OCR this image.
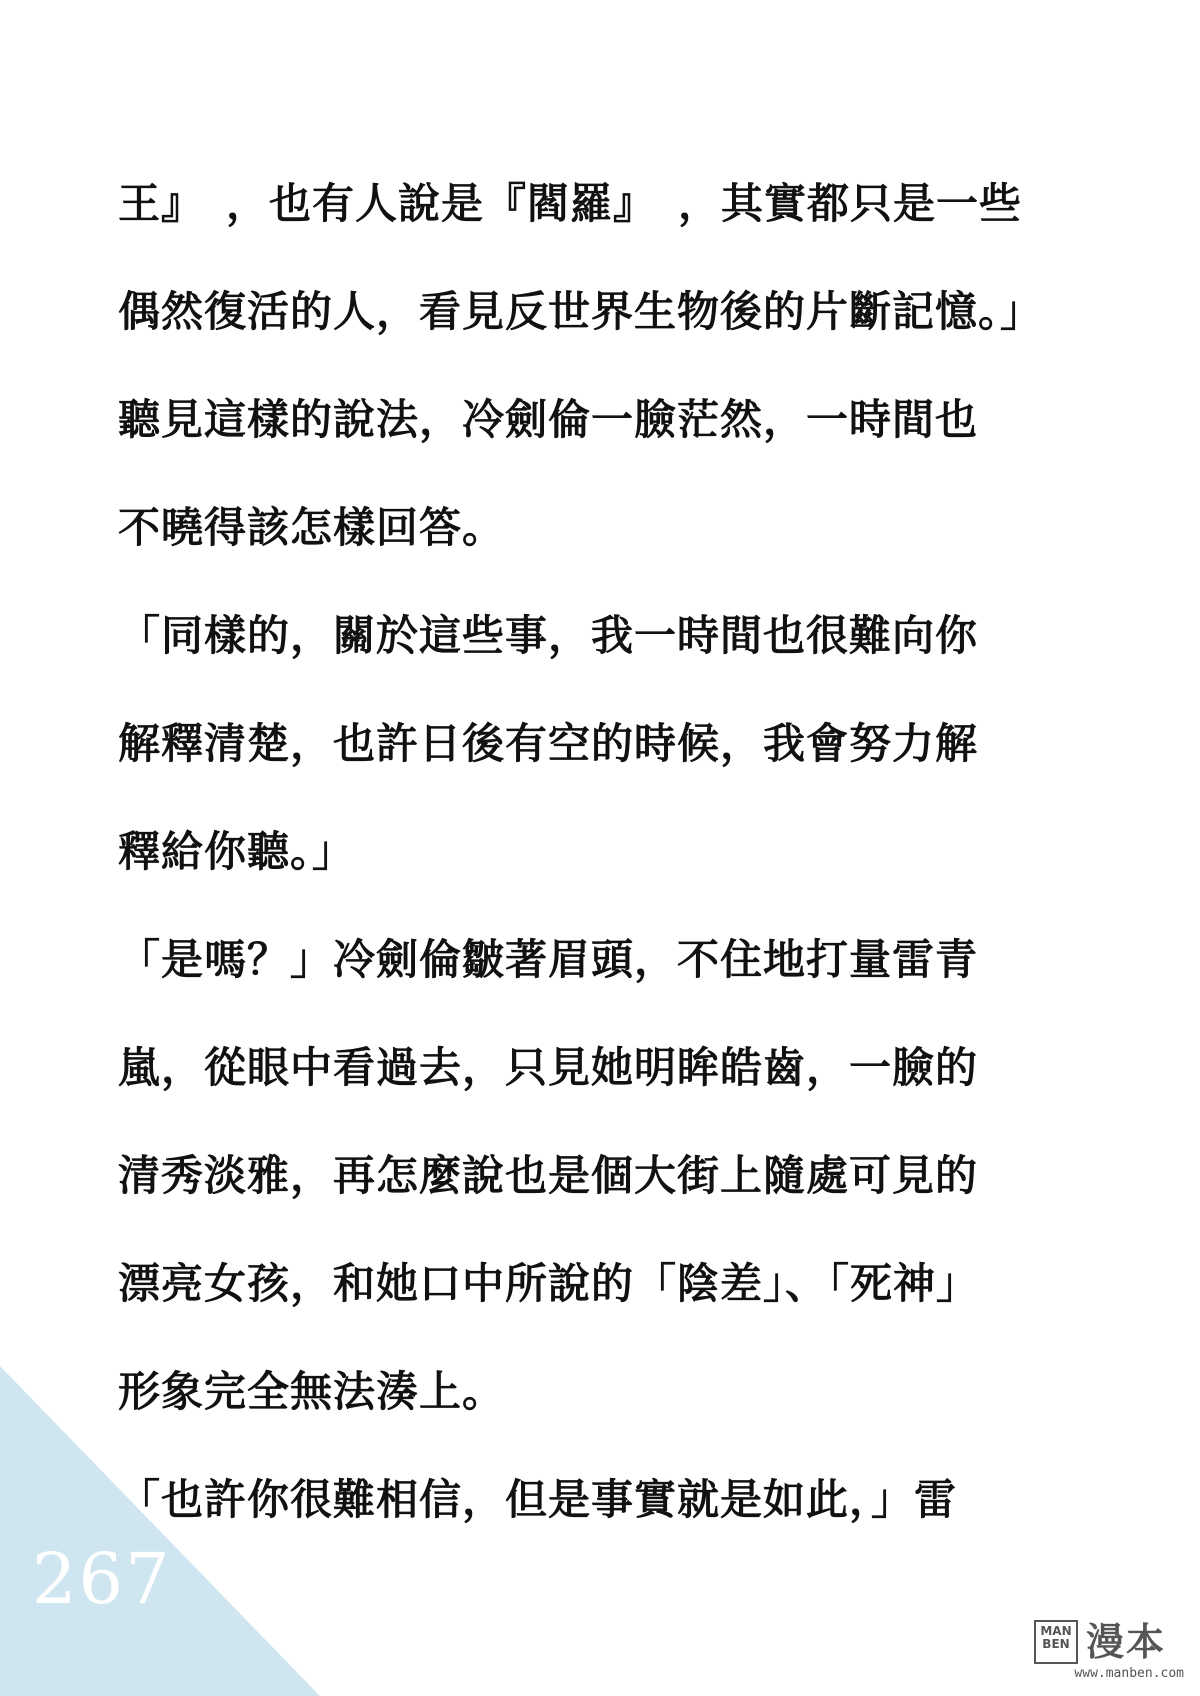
王』　，也有人說是『閻羅』　，其實都只是一些
偶然復活的人，看見反世界生物後的片斷記憶。」
聽見這樣的說法，冷劍倫一臉茫然，一時間也
不曉得該怎樣回答。
「同樣的，關於這些事，我一時間也很難向你
解釋清楚，也許日後有空的時候，我會努力解
釋給你聽。」
「是嗎？」冷劍倫皺著眉頭，不住地打量雷青
嵐，從眼中看過去，只見她明眸皓齒，一臉的
清秀淡雅，再怎麼說也是個大街上隨處可見的
漂亮女孩，和她口中所說的「陰差」、「死神」
形象完全無法湊上。
「也許你很難相信，但是事實就是如此，」雷
267
MAN BEN 漫本
www.manben.com
